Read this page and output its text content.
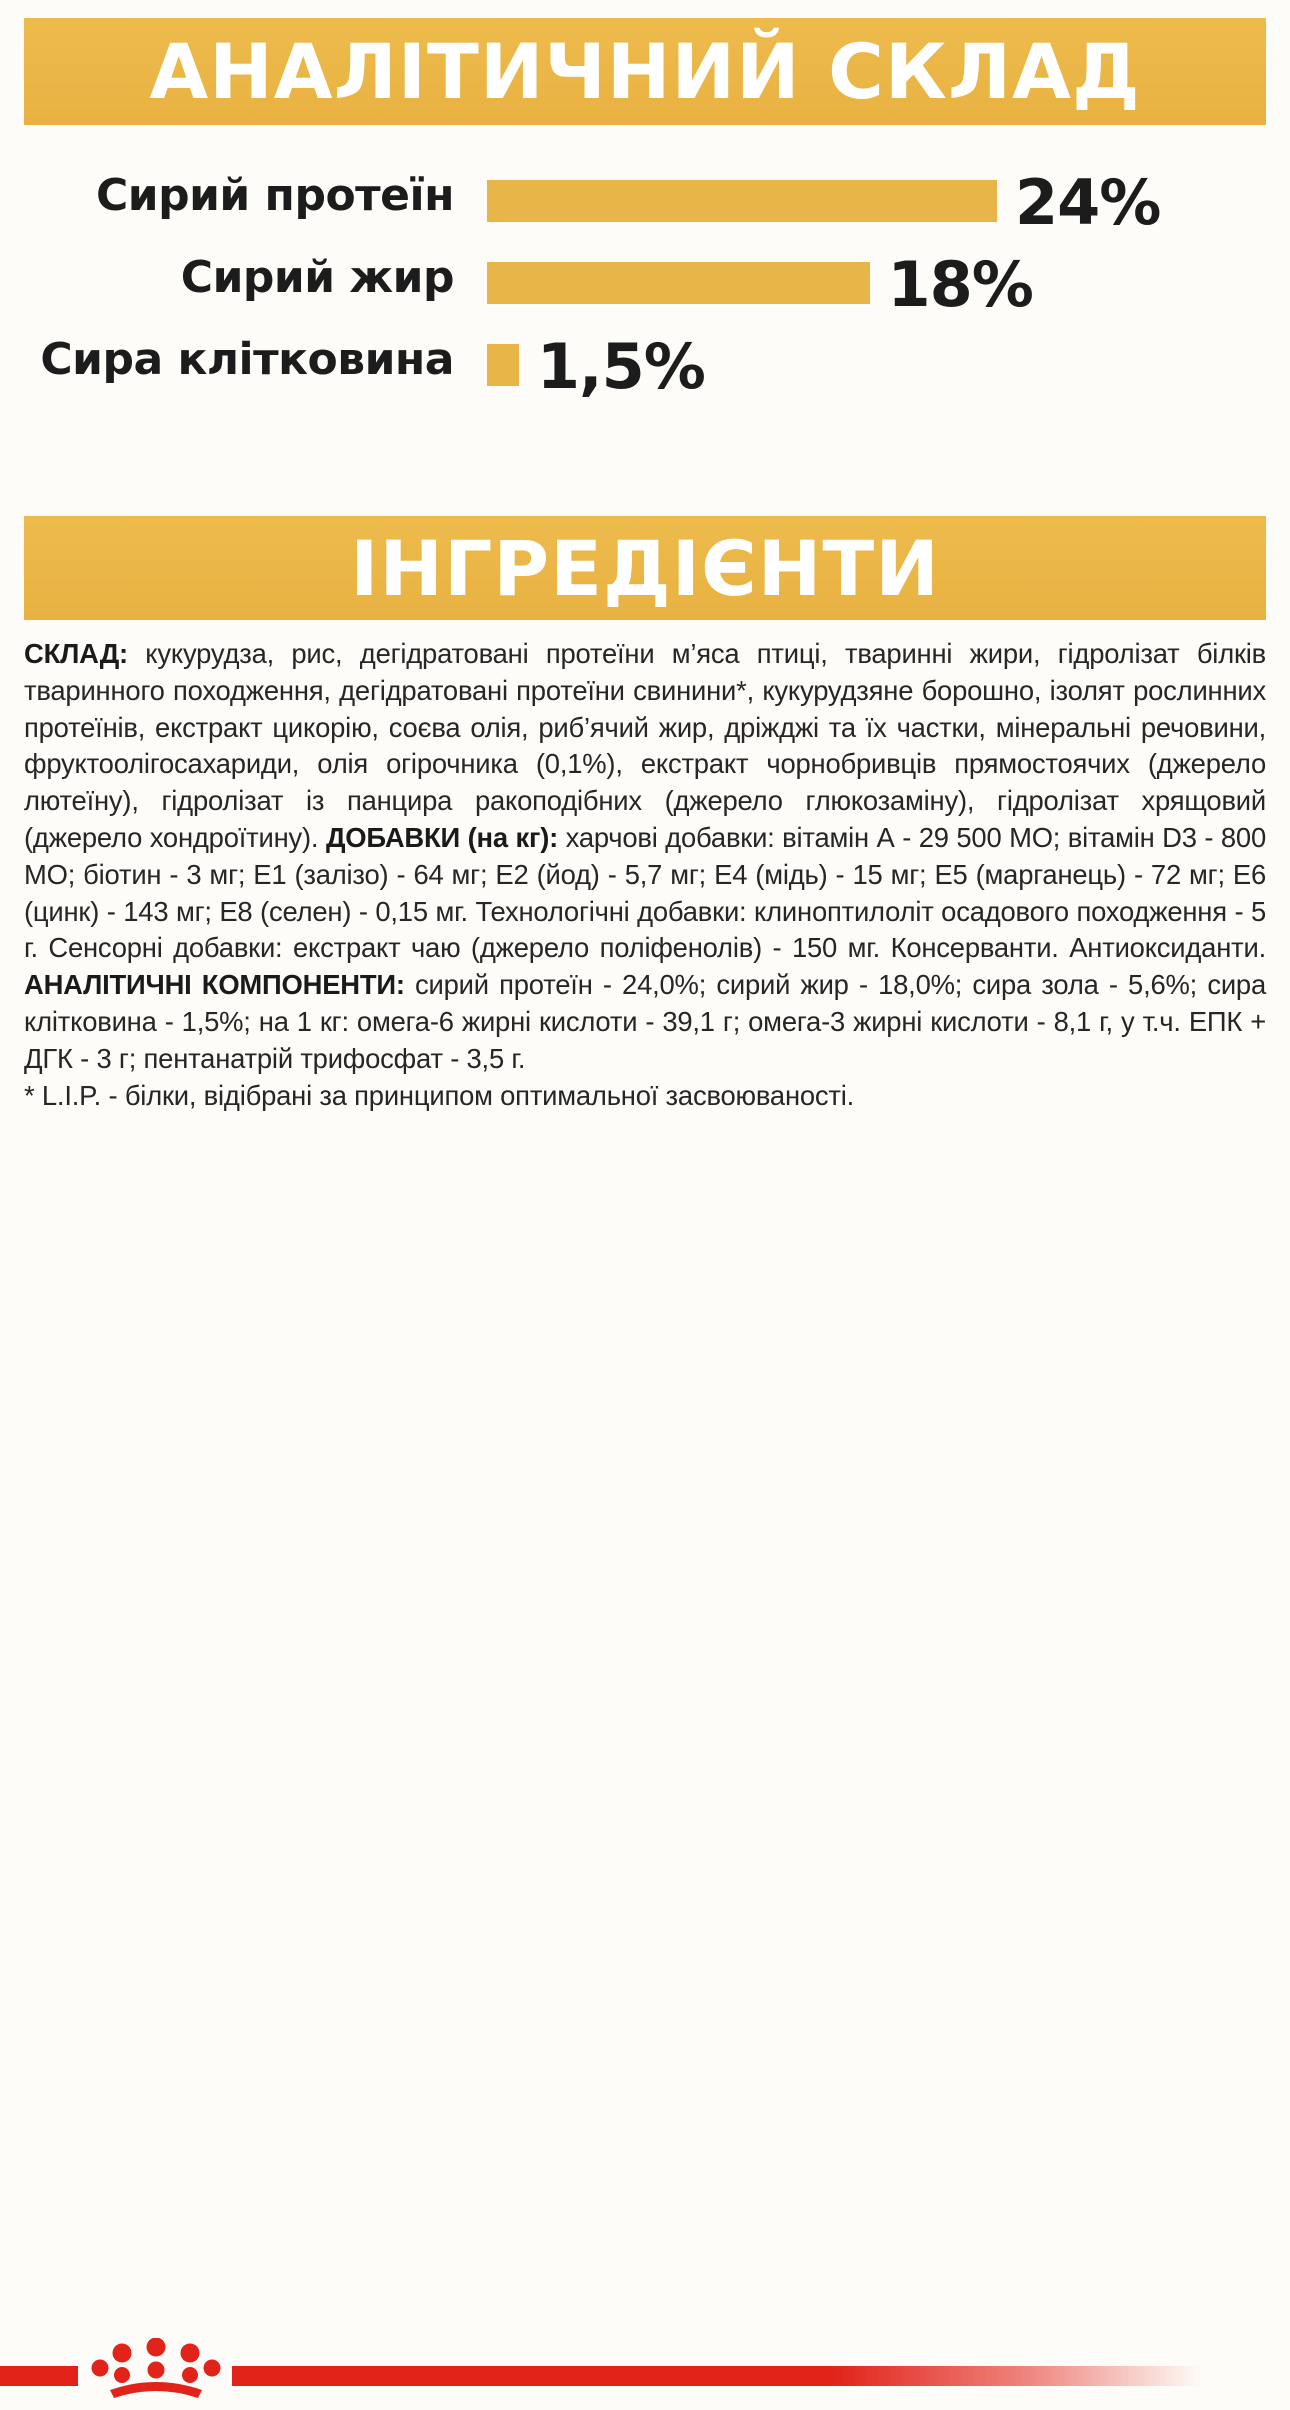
АНАЛІТИЧНИЙ СКЛАД
Сирий протеїн	24%
Сирий жир	18%
Сира клітковина 1,5%
ІНГРЕДІЄНТИ

СКЛАД: кукурудза, рис, дегідратовані протеїни м’яса птиці, тваринні жири, гідролізат білків тваринного походження, дегідратовані протеїни свинини*, кукурудзяне борошно, ізолят рослинних протеїнів, екстракт цикорію, соєва олія, риб’ячий жир, дріжджі та їх частки, мінеральні речовини, фруктоолігосахариди, олія огірочника (0,1%), екстракт чорнобривців прямостоячих (джерело лютеїну), гідролізат із панцира ракоподібних (джерело глюкозаміну), гідролізат хрящовий (джерело хондроїтину). ДОБАВКИ (на кг): харчові добавки: вітамін А - 29 500 МО; вітамін D3 - 800 МО; біотин - 3 мг; Е1 (залізо) - 64 мг; Е2 (йод) - 5,7 мг; Е4 (мідь) - 15 мг; Е5 (марганець) - 72 мг; Е6 (цинк) - 143 мг; Е8 (селен) - 0,15 мг. Технологічні добавки: клиноптилоліт осадового походження - 5 г. Сенсорні добавки: екстракт чаю (джерело поліфенолів) - 150 мг. Консерванти. Антиоксиданти. АНАЛІТИЧНІ КОМПОНЕНТИ: сирий протеїн - 24,0%; сирий жир - 18,0%; сира зола - 5,6%; сира клітковина - 1,5%; на 1 кг: омега-6 жирні кислоти - 39,1 г; омега-3 жирні кислоти - 8,1 г, у т.ч. ЕПК + ДГК - 3 г; пентанатрій трифосфат - 3,5 г.

* L.I.P. - білки, відібрані за принципом оптимальної засвоюваності.
